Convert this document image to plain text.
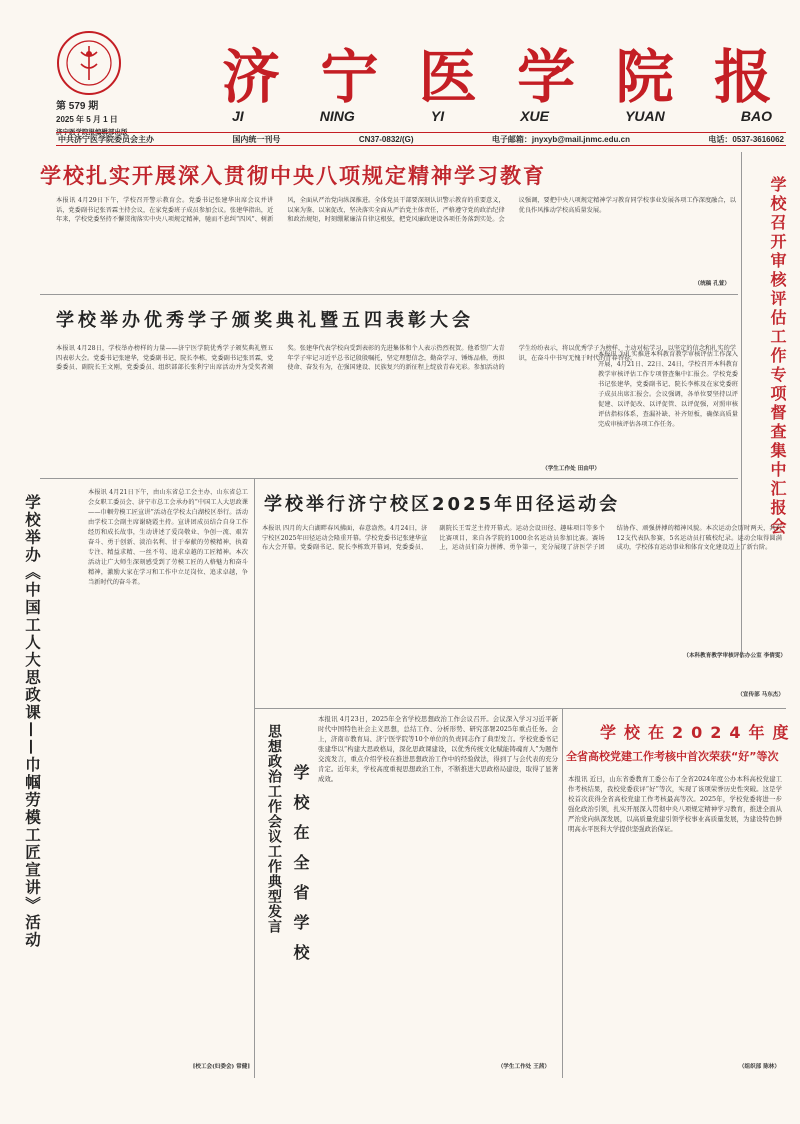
第 579 期
2025 年 5 月 1 日
济宁医学院报编辑部出版
济 宁 医 学 院 报
JI	NING	YI	XUE	YUAN	BAO
中共济宁医学院委员会主办	国内统一刊号	CN37-0832/(G)	电子邮箱：jnyxyb@mail.jnmc.edu.cn	电话：0537-3616062
学校扎实开展深入贯彻中央八项规定精神学习教育
本报讯 4月29日下午，学校召开警示教育会。党委书记张建华出席会议并讲话，党委副书记张晋霖主持会议，在家党委班子成员参加会议。张建华指出，近年来，学校党委坚持不懈贯彻落实中央八项规定精神，驰而不息纠“四风”、树新风，全面从严治党向纵深推进。全体党员干部要深刻认识警示教育的重要意义，以案为鉴、以案促改，坚决落实全面从严治党主体责任，严格遵守党的政治纪律和政治规矩，时刻绷紧廉洁自律这根弦，把党风廉政建设各项任务落到实处。会议强调，要把中央八项规定精神学习教育同学校事业发展各项工作深度融合，以优良作风推动学校高质量发展。
（统稿 孔萱）	学校召开审核评估工作专项督查集中汇报会
本报讯 为扎实推进本科教育教学审核评估工作深入开展，4月21日、22日、24日，学校召开本科教育教学审核评估工作专项督查集中汇报会。学校党委书记张建华，党委副书记、院长李栋及在家党委班子成员出席汇报会。会议强调，各单位要坚持以评促建、以评促改、以评促管、以评促强，对照审核评估指标体系，查漏补缺、补齐短板，确保高质量完成审核评估各项工作任务。
（本科教育教学审核评估办公室 李倩雯）
学校举办优秀学子颁奖典礼暨五四表彰大会
本报讯 4月28日，学校举办榜样的力量——济宁医学院优秀学子颁奖典礼暨五四表彰大会。党委书记张建华，党委副书记、院长李栋，党委副书记张晋霖，党委委员、副院长王文刚，党委委员、组织部部长张利宁出席活动并为受奖者颁奖。张建华代表学校向受到表彰的先进集体和个人表示热烈祝贺。他希望广大青年学子牢记习近平总书记殷殷嘱托，坚定理想信念，勤奋学习、锤炼品格，勇担使命、奋发有为，在强国建设、民族复兴的新征程上绽放青春光彩。参加活动的学生纷纷表示，将以优秀学子为榜样，主动对标学习，以坚定的信念和扎实的学识，在奋斗中书写无愧于时代的青春答卷。
（学生工作处 田由甲）
学校举办《中国工人大思政课——巾帼劳模工匠宣讲》活动
本报讯 4月21日下午，由山东省总工会主办、山东省总工会女职工委员会、济宁市总工会承办的“中国工人大思政课——巾帼劳模工匠宣讲”活动在学校太白湖校区举行。活动由学校工会副主席谢晓霞主持。宣讲团成员结合自身工作经历和成长故事，生动讲述了爱岗敬业、争创一流、艰苦奋斗、勇于创新、淡泊名利、甘于奉献的劳模精神，执着专注、精益求精、一丝不苟、追求卓越的工匠精神。本次活动让广大师生深刻感受到了劳模工匠的人格魅力和奋斗精神，激励大家在学习和工作中立足岗位、追求卓越，争当新时代的奋斗者。
[校工会(妇委会) 常健]
学校举行济宁校区2025年田径运动会
本报讯 四月的大白湖畔春风拂面，春意盎然。4月24日，济宁校区2025年田径运动会隆重开幕。学校党委书记张建华宣布大会开幕。党委副书记、院长李栋致开幕词，党委委员、副院长王雪芝主持开幕式。运动会设田径、趣味项目等多个比赛项目，来自各学院的1000余名运动员参加比赛。赛场上，运动员们奋力拼搏、勇争第一，充分展现了济医学子团结协作、顽强拼搏的精神风貌。本次运动会历时两天，共有12支代表队参赛，5名运动员打破校纪录。运动会取得圆满成功，学校体育运动事业和体育文化建设迈上了新台阶。
（宣传部 马东杰）
思想政治工作会议工作典型发言 学校在全省学校
本报讯 4月23日，2025年全省学校思想政治工作会议召开。会议深入学习习近平新时代中国特色社会主义思想，总结工作、分析形势、研究部署2025年重点任务。会上，济南市教育局、济宁医学院等10个单位的负责同志作了典型发言。学校党委书记张建华以“构建大思政格局，深化思政课建设，以优秀传统文化赋能铸魂育人”为题作交流发言，重点介绍学校在推进思想政治工作中的经验做法，得到了与会代表的充分肯定。近年来，学校高度重视思想政治工作，不断推进大思政格局建设，取得了显著成效。
（学生工作处 王茜）
学校在2024年度
全省高校党建工作考核中首次荣获“好”等次
本报讯 近日，山东省委教育工委公布了全省2024年度公办本科高校党建工作考核结果，我校党委获评“好”等次，实现了该项荣誉历史性突破。这是学校首次获得全省高校党建工作考核最高等次。2025年，学校党委将进一步强化政治引领，扎实开展深入贯彻中央八项规定精神学习教育，推进全面从严治党向纵深发展，以高质量党建引领学校事业高质量发展，为建设特色鲜明高水平医科大学提供坚强政治保证。
（组织部 陈林）
